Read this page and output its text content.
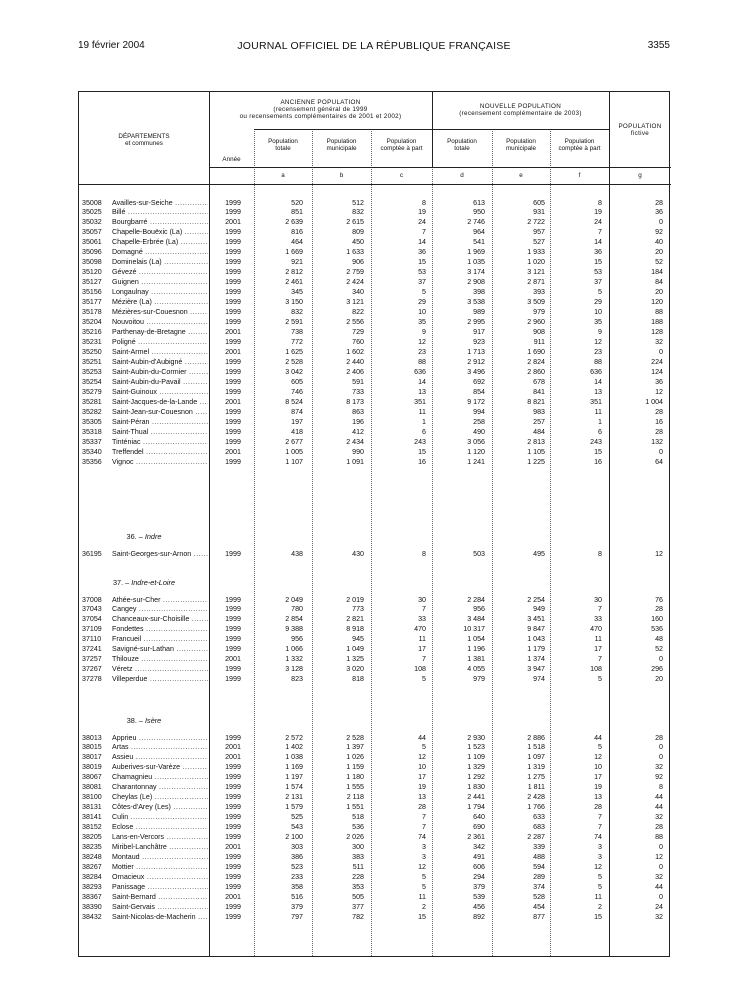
19 février 2004	JOURNAL OFFICIEL DE LA RÉPUBLIQUE FRANÇAISE	3355
DÉPARTEMENTS
et communes
Année
ANCIENNE POPULATION
(recensement général de 1999
ou recensements complémentaires de 2001 et 2002)
NOUVELLE POPULATION
(recensement complémentaire de 2003)
POPULATION
fictive
Population
totale
Population
municipale
Population
comptée à part
Population
totale
Population
municipale
Population
comptée à part
a	b	c	d	e	f	g
35008	Availles-sur-Seiche .....	1999	520	512	8	613	605	8	28
35025	Billé .....	1999	851	832	19	950	931	19	36
35032	Bourgbarré .....	2001	2 639	2 615	24	2 746	2 722	24	0
35057	Chapelle-Bouëxic (La) .....	1999	816	809	7	964	957	7	92
35061	Chapelle-Erbrée (La) .....	1999	464	450	14	541	527	14	40
35096	Domagné .....	1999	1 669	1 633	36	1 969	1 933	36	20
35098	Dominelais (La) .....	1999	921	906	15	1 035	1 020	15	52
35120	Gévezé .....	1999	2 812	2 759	53	3 174	3 121	53	184
35127	Guignen .....	1999	2 461	2 424	37	2 908	2 871	37	84
35156	Longaulnay .....	1999	345	340	5	398	393	5	20
35177	Mézière (La) .....	1999	3 150	3 121	29	3 538	3 509	29	120
35178	Mézières-sur-Couesnon .....	1999	832	822	10	989	979	10	88
35204	Nouvoitou .....	1999	2 591	2 556	35	2 995	2 960	35	188
35216	Parthenay-de-Bretagne .....	2001	738	729	9	917	908	9	128
35231	Poligné .....	1999	772	760	12	923	911	12	32
35250	Saint-Armel .....	2001	1 625	1 602	23	1 713	1 690	23	0
35251	Saint-Aubin-d'Aubigné .....	1999	2 528	2 440	88	2 912	2 824	88	224
35253	Saint-Aubin-du-Cormier .....	1999	3 042	2 406	636	3 496	2 860	636	124
35254	Saint-Aubin-du-Pavail .....	1999	605	591	14	692	678	14	36
35279	Saint-Guinoux .....	1999	746	733	13	854	841	13	12
35281	Saint-Jacques-de-la-Lande .....	2001	8 524	8 173	351	9 172	8 821	351	1 004
35282	Saint-Jean-sur-Couesnon .....	1999	874	863	11	994	983	11	28
35305	Saint-Péran .....	1999	197	196	1	258	257	1	16
35318	Saint-Thual .....	1999	418	412	6	490	484	6	28
35337	Tinténiac .....	1999	2 677	2 434	243	3 056	2 813	243	132
35340	Treffendel .....	2001	1 005	990	15	1 120	1 105	15	0
35356	Vignoc .....	1999	1 107	1 091	16	1 241	1 225	16	64
36. – Indre
36195	Saint-Georges-sur-Arnon .....	1999	438	430	8	503	495	8	12
37. – Indre-et-Loire
37008	Athée-sur-Cher .....	1999	2 049	2 019	30	2 284	2 254	30	76
37043	Cangey .....	1999	780	773	7	956	949	7	28
37054	Chanceaux-sur-Choisille .....	1999	2 854	2 821	33	3 484	3 451	33	160
37109	Fondettes .....	1999	9 388	8 918	470	10 317	9 847	470	536
37110	Francueil .....	1999	956	945	11	1 054	1 043	11	48
37241	Savigné-sur-Lathan .....	1999	1 066	1 049	17	1 196	1 179	17	52
37257	Thilouze .....	2001	1 332	1 325	7	1 381	1 374	7	0
37267	Véretz .....	1999	3 128	3 020	108	4 055	3 947	108	296
37278	Villeperdue .....	1999	823	818	5	979	974	5	20
38. – Isère
38013	Apprieu .....	1999	2 572	2 528	44	2 930	2 886	44	28
38015	Artas .....	2001	1 402	1 397	5	1 523	1 518	5	0
38017	Assieu .....	2001	1 038	1 026	12	1 109	1 097	12	0
38019	Auberives-sur-Varèze .....	1999	1 169	1 159	10	1 329	1 319	10	32
38067	Chamagnieu .....	1999	1 197	1 180	17	1 292	1 275	17	92
38081	Charantonnay .....	1999	1 574	1 555	19	1 830	1 811	19	8
38100	Cheylas (Le) .....	1999	2 131	2 118	13	2 441	2 428	13	44
38131	Côtes-d'Arey (Les) .....	1999	1 579	1 551	28	1 794	1 766	28	44
38141	Culin .....	1999	525	518	7	640	633	7	32
38152	Eclose .....	1999	543	536	7	690	683	7	28
38205	Lans-en-Vercors .....	1999	2 100	2 026	74	2 361	2 287	74	88
38235	Miribel-Lanchâtre .....	2001	303	300	3	342	339	3	0
38248	Montaud .....	1999	386	383	3	491	488	3	12
38267	Mottier .....	1999	523	511	12	606	594	12	0
38284	Ornacieux .....	1999	233	228	5	294	289	5	32
38293	Panissage .....	1999	358	353	5	379	374	5	44
38367	Saint-Bernard .....	2001	516	505	11	539	528	11	0
38390	Saint-Gervais .....	1999	379	377	2	456	454	2	24
38432	Saint-Nicolas-de-Macherin .....	1999	797	782	15	892	877	15	32
